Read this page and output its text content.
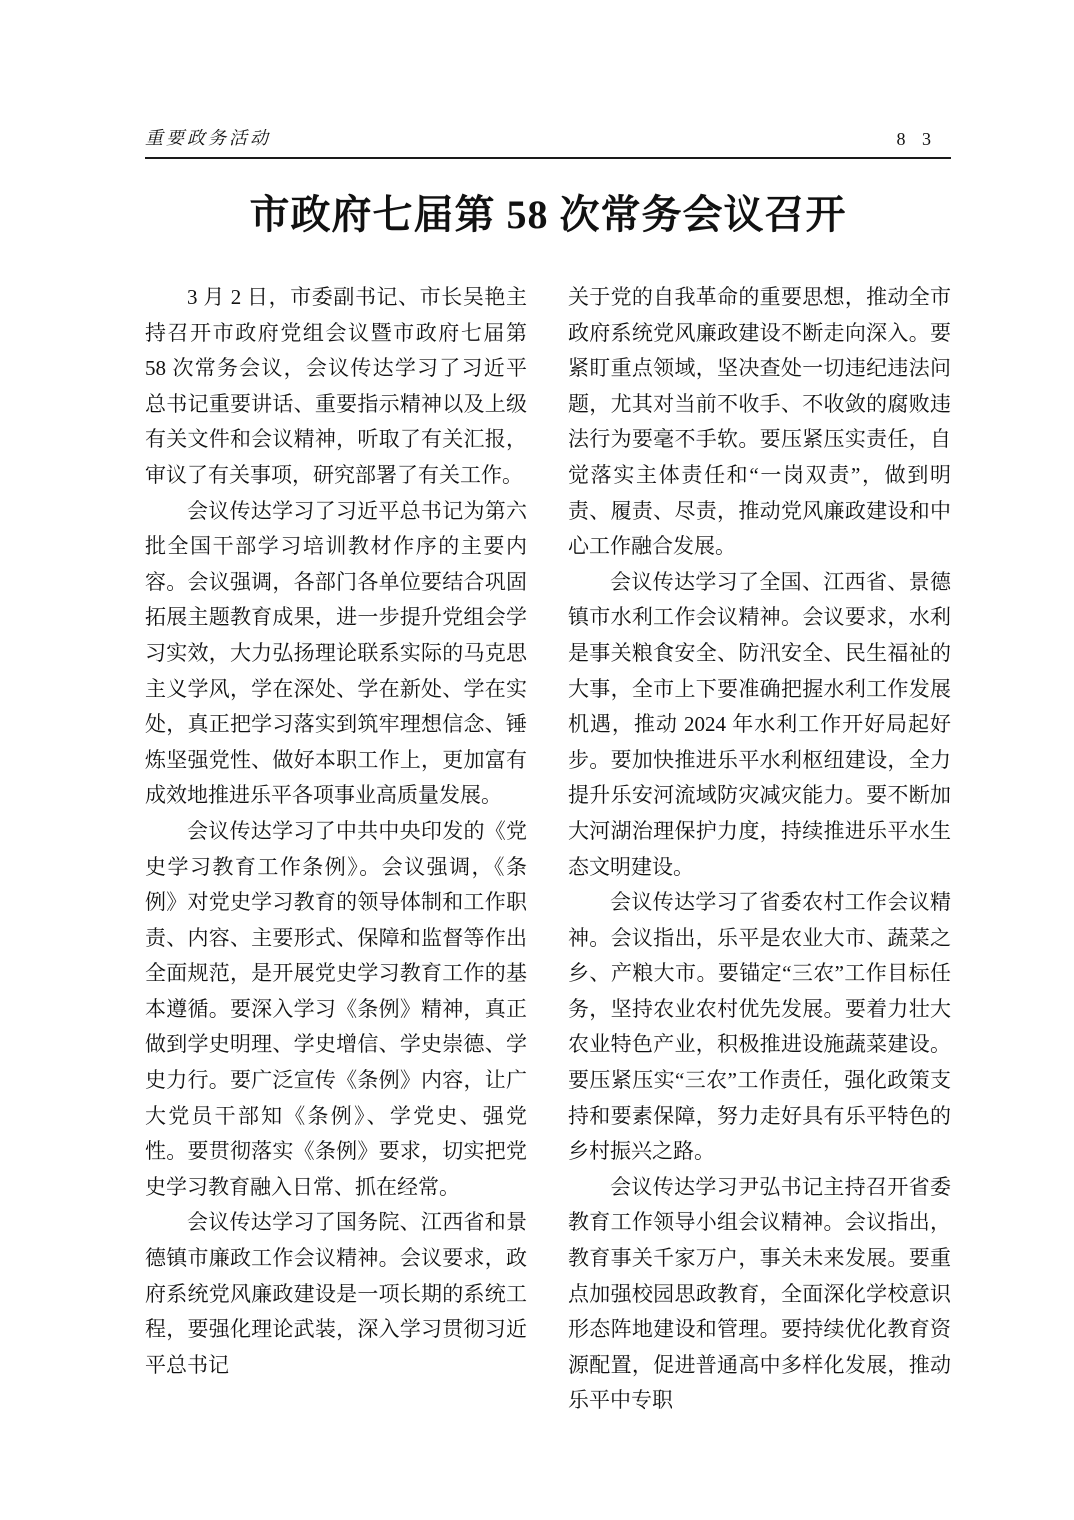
重要政务活动	8 3
市政府七届第 58 次常务会议召开

3 月 2 日，市委副书记、市长吴艳主持召开市政府党组会议暨市政府七届第 58 次常务会议，会议传达学习了习近平总书记重要讲话、重要指示精神以及上级有关文件和会议精神，听取了有关汇报，审议了有关事项，研究部署了有关工作。

会议传达学习了习近平总书记为第六批全国干部学习培训教材作序的主要内容。会议强调，各部门各单位要结合巩固拓展主题教育成果，进一步提升党组会学习实效，大力弘扬理论联系实际的马克思主义学风，学在深处、学在新处、学在实处，真正把学习落实到筑牢理想信念、锤炼坚强党性、做好本职工作上，更加富有成效地推进乐平各项事业高质量发展。

会议传达学习了中共中央印发的《党史学习教育工作条例》。会议强调，《条例》对党史学习教育的领导体制和工作职责、内容、主要形式、保障和监督等作出全面规范，是开展党史学习教育工作的基本遵循。要深入学习《条例》精神，真正做到学史明理、学史增信、学史崇德、学史力行。要广泛宣传《条例》内容，让广大党员干部知《条例》、学党史、强党性。要贯彻落实《条例》要求，切实把党史学习教育融入日常、抓在经常。

会议传达学习了国务院、江西省和景德镇市廉政工作会议精神。会议要求，政府系统党风廉政建设是一项长期的系统工程，要强化理论武装，深入学习贯彻习近平总书记

关于党的自我革命的重要思想，推动全市政府系统党风廉政建设不断走向深入。要紧盯重点领域，坚决查处一切违纪违法问题，尤其对当前不收手、不收敛的腐败违法行为要毫不手软。要压紧压实责任，自觉落实主体责任和“一岗双责”，做到明责、履责、尽责，推动党风廉政建设和中心工作融合发展。

会议传达学习了全国、江西省、景德镇市水利工作会议精神。会议要求，水利是事关粮食安全、防汛安全、民生福祉的大事，全市上下要准确把握水利工作发展机遇，推动 2024 年水利工作开好局起好步。要加快推进乐平水利枢纽建设，全力提升乐安河流域防灾减灾能力。要不断加大河湖治理保护力度，持续推进乐平水生态文明建设。

会议传达学习了省委农村工作会议精神。会议指出，乐平是农业大市、蔬菜之乡、产粮大市。要锚定“三农”工作目标任务，坚持农业农村优先发展。要着力壮大农业特色产业，积极推进设施蔬菜建设。要压紧压实“三农”工作责任，强化政策支持和要素保障，努力走好具有乐平特色的乡村振兴之路。

会议传达学习尹弘书记主持召开省委教育工作领导小组会议精神。会议指出，教育事关千家万户，事关未来发展。要重点加强校园思政教育，全面深化学校意识形态阵地建设和管理。要持续优化教育资源配置，促进普通高中多样化发展，推动乐平中专职
